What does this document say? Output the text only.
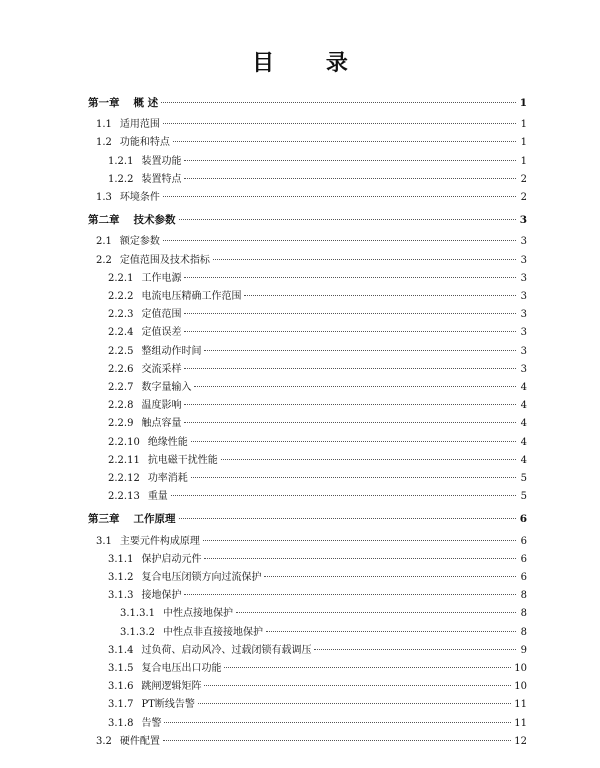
目 录
第一章 概 述	1
1.1 适用范围	1
1.2 功能和特点	1
1.2.1 装置功能	1
1.2.2 装置特点	2
1.3 环境条件	2
第二章 技术参数	3
2.1 额定参数	3
2.2 定值范围及技术指标	3
2.2.1 工作电源	3
2.2.2 电流电压精确工作范围	3
2.2.3 定值范围	3
2.2.4 定值误差	3
2.2.5 整组动作时间	3
2.2.6 交流采样	3
2.2.7 数字量输入	4
2.2.8 温度影响	4
2.2.9 触点容量	4
2.2.10 绝缘性能	4
2.2.11 抗电磁干扰性能	4
2.2.12 功率消耗	5
2.2.13 重量	5
第三章 工作原理	6
3.1 主要元件构成原理	6
3.1.1 保护启动元件	6
3.1.2 复合电压闭锁方向过流保护	6
3.1.3 接地保护	8
3.1.3.1 中性点接地保护	8
3.1.3.2 中性点非直接接地保护	8
3.1.4 过负荷、启动风冷、过载闭锁有载调压	9
3.1.5 复合电压出口功能	10
3.1.6 跳闸逻辑矩阵	10
3.1.7 PT断线告警	11
3.1.8 告警	11
3.2 硬件配置	12
